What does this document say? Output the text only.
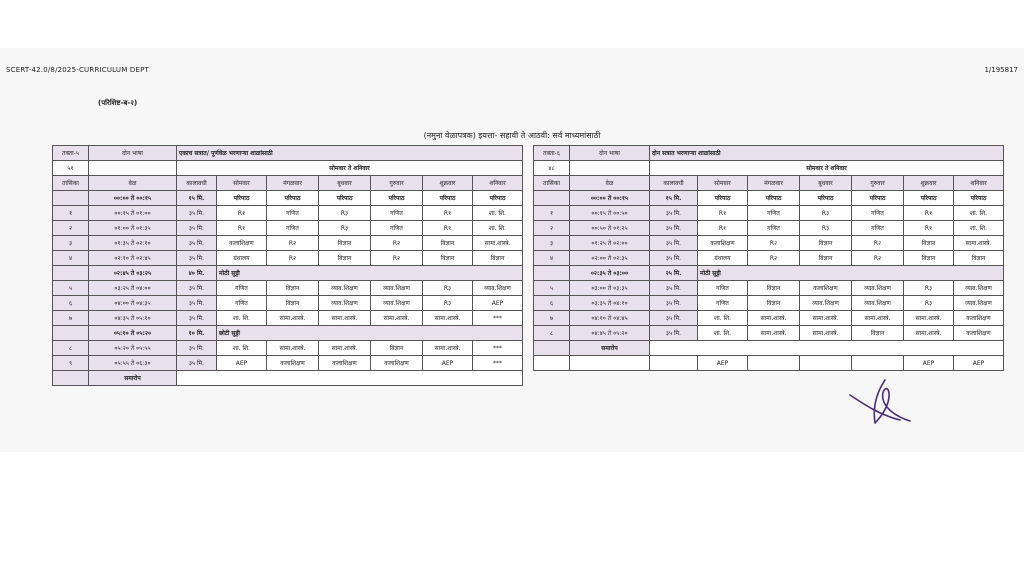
SCERT-42.0/8/2025-CURRICULUM DEPT	1/195817
(परिशिष्ट-ब-२)
(नमुना वेळापत्रक) इयत्ता- सहावी ते आठवी: सर्व माध्यमांसाठी
तक्ता-५	दोन भाषा	एकाच सत्रात/ पूर्णवेळ भरणाऱ्या शाळांसाठी						
५१		सोमवार ते शनिवार						
तासिका	वेळ	कालावधी	सोमवार	मंगळवार	बुधवार	गुरुवार	शुक्रवार	शनिवार
	००:०० ते ००:१५	१५ मि.	परिपाठ	परिपाठ	परिपाठ	परिपाठ	परिपाठ	परिपाठ
१	००:१५ ते ०१:००	३५ मि.	R१	गणित	R३	गणित	R१	शा. शि.
२	०१:०० ते ०१:३५	३५ मि.	R१	गणित	R३	गणित	R१	शा. शि.
३	०१:३५ ते ०२:१०	३५ मि.	कलाशिक्षण	R२	विज्ञान	R२	विज्ञान	सामा.शास्त्रे.
४	०२:१० ते ०२:४५	३५ मि.	ग्रंथालय	R२	विज्ञान	R२	विज्ञान	विज्ञान
	०२:४५ ते ०३:२५	४० मि.	मोठी सुट्टी					
५	०३:२५ ते ०४:००	३५ मि.	गणित	विज्ञान	व्याव.शिक्षण	व्याव.शिक्षण	R३	व्याव.शिक्षण
६	०४:०० ते ०४:३५	३५ मि.	गणित	विज्ञान	व्याव.शिक्षण	व्याव.शिक्षण	R३	AEP
७	०४:३५ ते ०५:१०	३५ मि.	शा. शि.	सामा.शास्त्रे.	सामा.शास्त्रे.	सामा.शास्त्रे.	सामा.शास्त्रे.	***
	०५:१० ते ०५:२०	१० मि.	छोटी सुट्टी					
८	०५:२० ते ०५:५५	३५ मि.	शा. शि.	सामा.शास्त्रे.	सामा.शास्त्रे.	विज्ञान	सामा.शास्त्रे.	***
९	०५:५५ ते ०६:३०	३५ मि.	AEP	कलाशिक्षण	कलाशिक्षण	कलाशिक्षण	AEP	***
	समारोप							
तक्ता-६	दोन भाषा	दोन सत्रात भरणाऱ्या शाळांसाठी						
४८		सोमवार ते शनिवार						
तासिका	वेळ	कालावधी	सोमवार	मंगळवार	बुधवार	गुरुवार	शुक्रवार	शनिवार
	००:०० ते ००:१५	१५ मि.	परिपाठ	परिपाठ	परिपाठ	परिपाठ	परिपाठ	परिपाठ
१	००:१५ ते ००:५०	३५ मि.	R१	गणित	R३	गणित	R१	शा. शि.
२	००:५० ते ०१:२५	३५ मि.	R१	गणित	R३	गणित	R१	शा. शि.
३	०१:२५ ते ०२:००	३५ मि.	कलाशिक्षण	R२	विज्ञान	R२	विज्ञान	सामा.शास्त्रे.
४	०२:०० ते ०२:३५	३५ मि.	ग्रंथालय	R२	विज्ञान	R२	विज्ञान	विज्ञान
	०२:३५ ते ०३:००	२५ मि.	मोठी सुट्टी					
५	०३:०० ते ०३:३५	३५ मि.	गणित	विज्ञान	कलाशिक्षण	व्याव.शिक्षण	R३	व्याव.शिक्षण
६	०३:३५ ते ०४:१०	३५ मि.	गणित	विज्ञान	व्याव.शिक्षण	व्याव.शिक्षण	R३	व्याव.शिक्षण
७	०४:१० ते ०४:४५	३५ मि.	शा. शि.	सामा.शास्त्रे.	सामा.शास्त्रे.	सामा.शास्त्रे.	सामा.शास्त्रे.	कलाशिक्षण
८	०४:४५ ते ०५:२०	३५ मि.	शा. शि.	सामा.शास्त्रे.	सामा.शास्त्रे.	विज्ञान	सामा.शास्त्रे.	कलाशिक्षण
	समारोप							
			AEP				AEP	AEP
